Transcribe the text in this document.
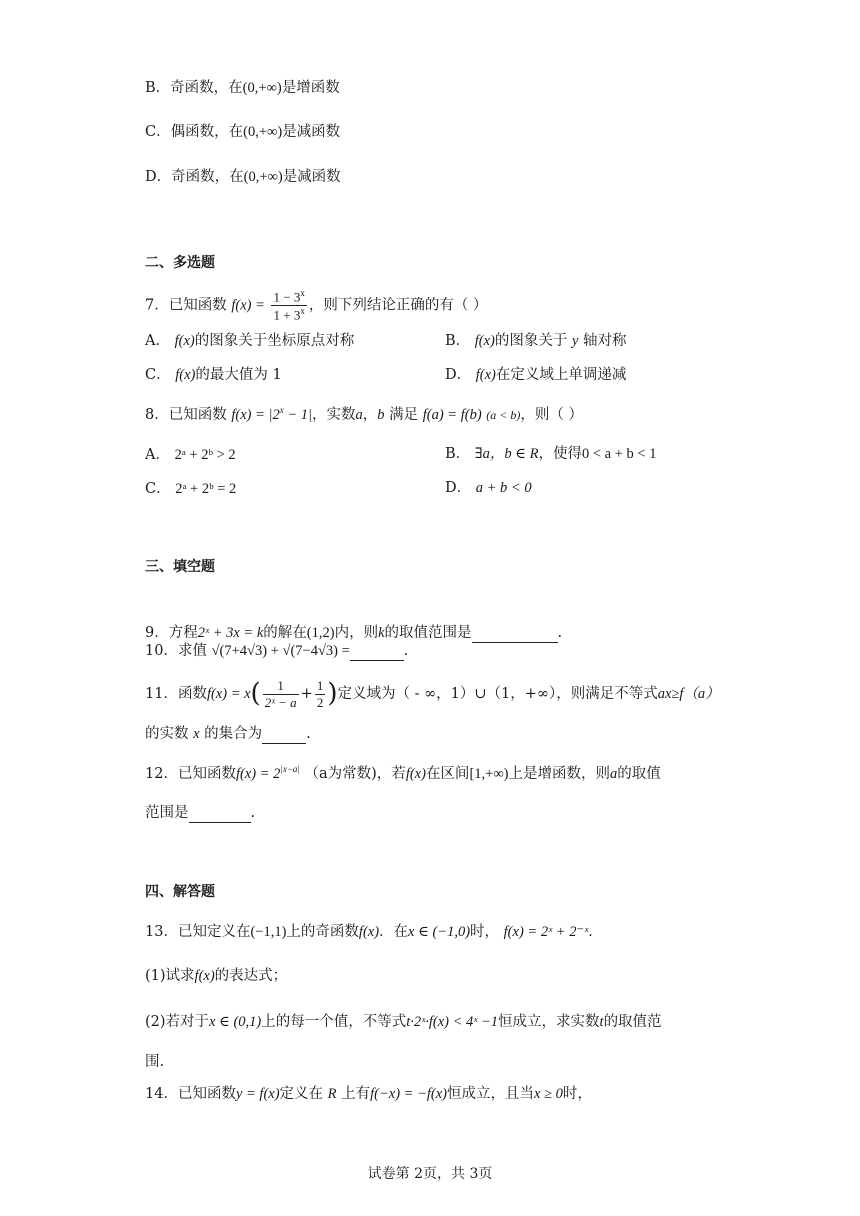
B．奇函数，在(0,+∞)是增函数
C．偶函数，在(0,+∞)是减函数
D．奇函数，在(0,+∞)是减函数
二、多选题
7．已知函数 $f(x) = \frac{1 - 3^x}{1 + 3^x}$ ，则下列结论正确的有（ ）
A． f(x)的图象关于坐标原点对称	B． f(x)的图象关于 y 轴对称
C． f(x)的最大值为 1	D． f(x)在定义域上单调递减
8．已知函数 $f(x) = |2^x - 1|$，实数a，b 满足 f(a) = f(b) (a < b)，则（ ）
A． 2ᵃ + 2ᵇ > 2	B． ∃a，b ∈ R，使得0 < a + b < 1
C． 2ᵃ + 2ᵇ = 2	D． a + b < 0
三、填空题
9．方程2ˣ + 3x = k的解在(1,2)内，则k的取值范围是	.
10．求值 √(7+4√3) + √(7−4√3) =	.
11．函数$f(x) = x( \frac{1}{\text{2ˣ − a}} + \frac{1}{2}$ )定义域为（ - ∞，1）∪（1，+∞），则满足不等式ax≥f（a）
的实数 x 的集合为	.
12．已知函数$f(x) = 2^{|x-a|}$ （a为常数)，若f(x)在区间[1,+∞)上是增函数，则a的取值
范围是	.
四、解答题
13．已知定义在(−1,1)上的奇函数f(x)．在x ∈ (−1,0)时， f(x) = 2ˣ + 2⁻ˣ．
(1)试求f(x)的表达式；
(2)若对于x ∈ (0,1)上的每一个值，不等式t·2ˣ·f(x) < 4ˣ −1恒成立，求实数t的取值范
围.
14．已知函数y = f(x)定义在 R 上有f(−x) = −f(x)恒成立，且当x ≥ 0时，
试卷第 2页，共 3页
